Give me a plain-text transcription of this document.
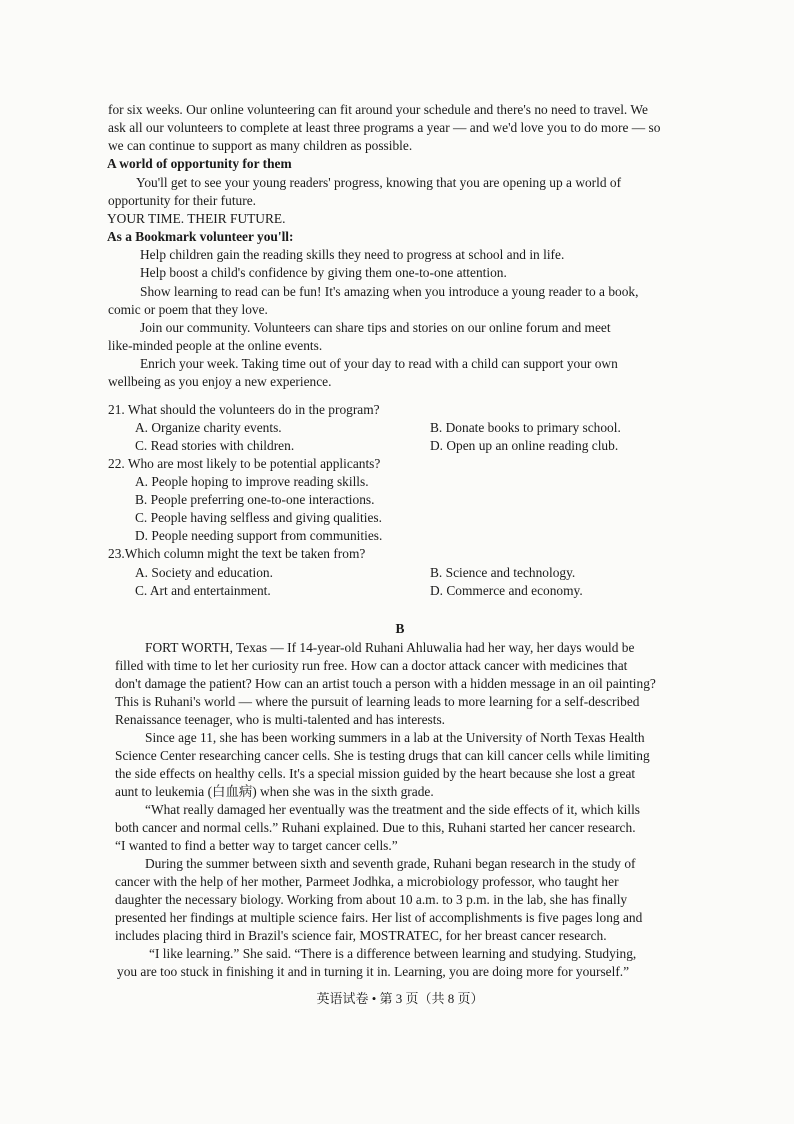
for six weeks. Our online volunteering can fit around your schedule and there's no need to travel. We
ask all our volunteers to complete at least three programs a year — and we'd love you to do more — so
we can continue to support as many children as possible.
A world of opportunity for them
You'll get to see your young readers' progress, knowing that you are opening up a world of
opportunity for their future.
YOUR TIME. THEIR FUTURE.
As a Bookmark volunteer you'll:
Help children gain the reading skills they need to progress at school and in life.
Help boost a child's confidence by giving them one-to-one attention.
Show learning to read can be fun! It's amazing when you introduce a young reader to a book,
comic or poem that they love.
Join our community. Volunteers can share tips and stories on our online forum and meet
like-minded people at the online events.
Enrich your week. Taking time out of your day to read with a child can support your own
wellbeing as you enjoy a new experience.
21. What should the volunteers do in the program?
A. Organize charity events.	B. Donate books to primary school.
C. Read stories with children.	D. Open up an online reading club.
22. Who are most likely to be potential applicants?
A. People hoping to improve reading skills.
B. People preferring one-to-one interactions.
C. People having selfless and giving qualities.
D. People needing support from communities.
23.Which column might the text be taken from?
A. Society and education.	B. Science and technology.
C. Art and entertainment.	D. Commerce and economy.
B
FORT WORTH, Texas — If 14-year-old Ruhani Ahluwalia had her way, her days would be
filled with time to let her curiosity run free. How can a doctor attack cancer with medicines that
don't damage the patient? How can an artist touch a person with a hidden message in an oil painting?
This is Ruhani's world — where the pursuit of learning leads to more learning for a self-described
Renaissance teenager, who is multi-talented and has interests.
Since age 11, she has been working summers in a lab at the University of North Texas Health
Science Center researching cancer cells. She is testing drugs that can kill cancer cells while limiting
the side effects on healthy cells. It's a special mission guided by the heart because she lost a great
aunt to leukemia (白血病) when she was in the sixth grade.
“What really damaged her eventually was the treatment and the side effects of it, which kills
both cancer and normal cells.” Ruhani explained. Due to this, Ruhani started her cancer research.
“I wanted to find a better way to target cancer cells.”
During the summer between sixth and seventh grade, Ruhani began research in the study of
cancer with the help of her mother, Parmeet Jodhka, a microbiology professor, who taught her
daughter the necessary biology. Working from about 10 a.m. to 3 p.m. in the lab, she has finally
presented her findings at multiple science fairs. Her list of accomplishments is five pages long and
includes placing third in Brazil's science fair, MOSTRATEC, for her breast cancer research.
“I like learning.” She said. “There is a difference between learning and studying. Studying,
you are too stuck in finishing it and in turning it in. Learning, you are doing more for yourself.”
英语试卷 • 第 3 页（共 8 页）
